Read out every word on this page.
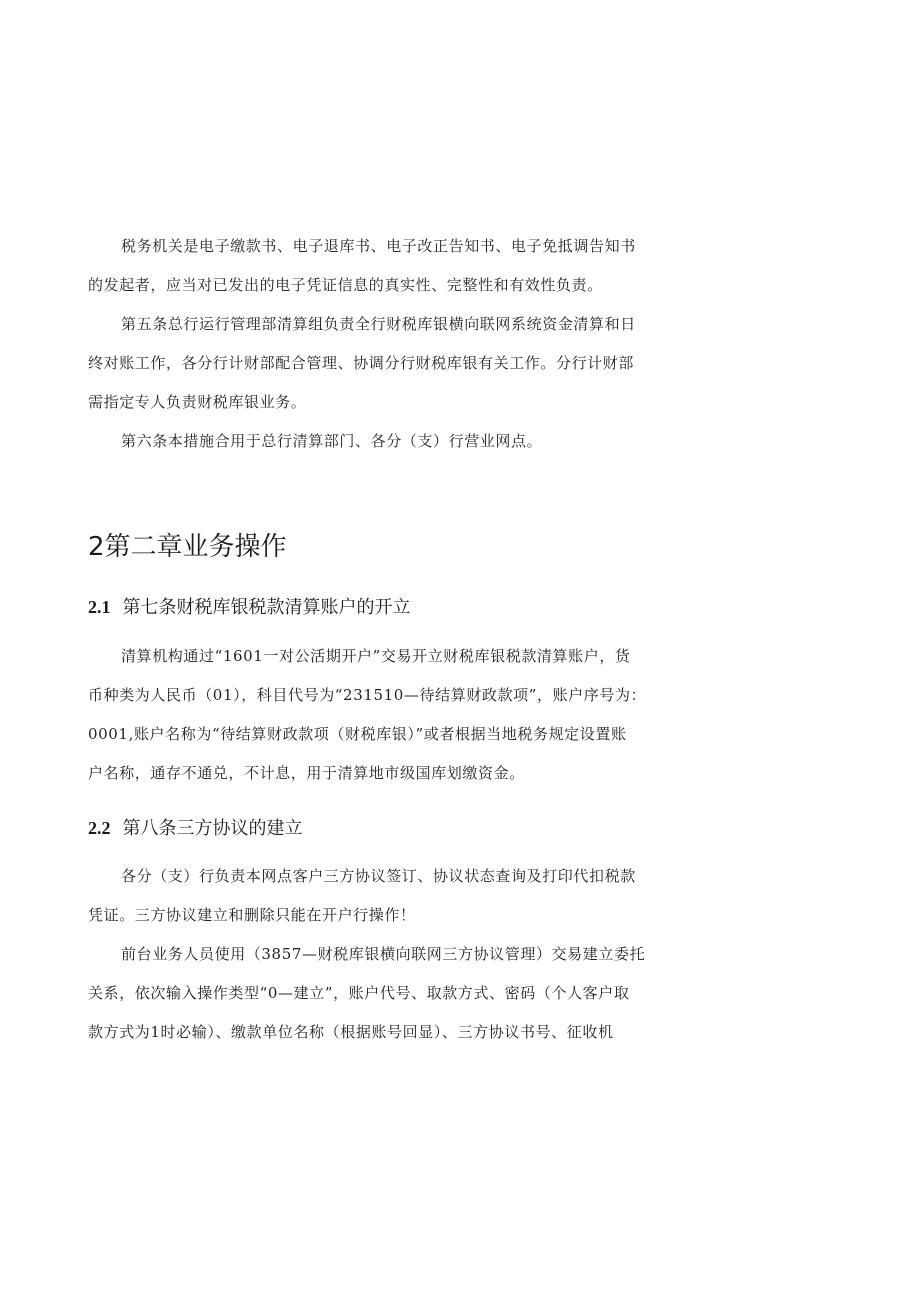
税务机关是电子缴款书、电子退库书、电子改正告知书、电子免抵调告知书
的发起者，应当对已发出的电子凭证信息的真实性、完整性和有效性负责。
第五条总行运行管理部清算组负责全行财税库银横向联网系统资金清算和日
终对账工作，各分行计财部配合管理、协调分行财税库银有关工作。分行计财部
需指定专人负责财税库银业务。
第六条本措施合用于总行清算部门、各分（支）行营业网点。
2第二章业务操作
2.1 第七条财税库银税款清算账户的开立
清算机构通过“1601一对公活期开户”交易开立财税库银税款清算账户，货
币种类为人民币（01），科目代号为“231510—待结算财政款项”，账户序号为：
0001,账户名称为“待结算财政款项（财税库银）”或者根据当地税务规定设置账
户名称，通存不通兑，不计息，用于清算地市级国库划缴资金。
2.2 第八条三方协议的建立
各分（支）行负责本网点客户三方协议签订、协议状态查询及打印代扣税款
凭证。三方协议建立和删除只能在开户行操作！
前台业务人员使用（3857—财税库银横向联网三方协议管理）交易建立委托
关系，依次输入操作类型“0—建立”，账户代号、取款方式、密码（个人客户取
款方式为1时必输）、缴款单位名称（根据账号回显）、三方协议书号、征收机
